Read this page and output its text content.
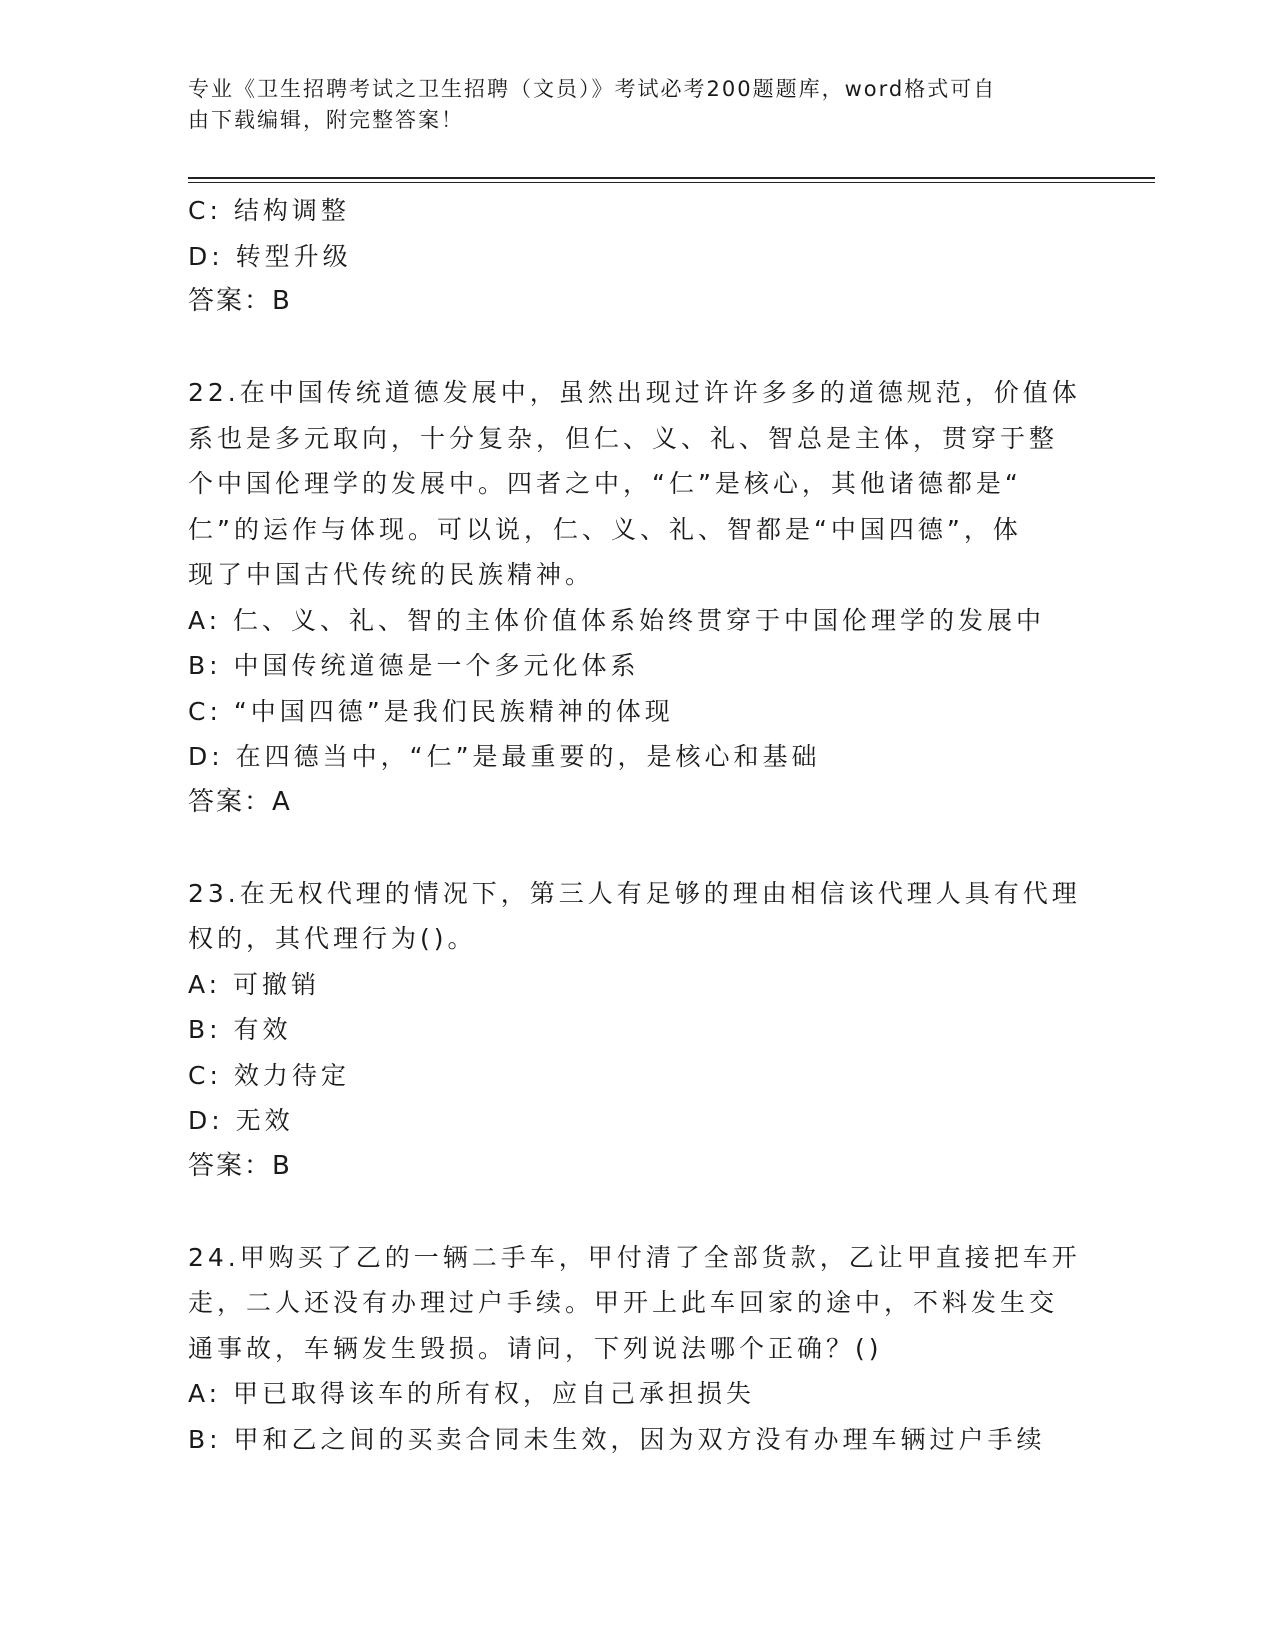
专业《卫生招聘考试之卫生招聘（文员）》考试必考200题题库，word格式可自
由下载编辑，附完整答案！
C: 结构调整
D: 转型升级
答案：B
22.在中国传统道德发展中，虽然出现过许许多多的道德规范，价值体
系也是多元取向，十分复杂，但仁、义、礼、智总是主体，贯穿于整
个中国伦理学的发展中。四者之中，“仁”是核心，其他诸德都是“
仁”的运作与体现。可以说，仁、义、礼、智都是“中国四德”，体
现了中国古代传统的民族精神。
A: 仁、义、礼、智的主体价值体系始终贯穿于中国伦理学的发展中
B: 中国传统道德是一个多元化体系
C: “中国四德”是我们民族精神的体现
D: 在四德当中，“仁”是最重要的，是核心和基础
答案：A
23.在无权代理的情况下，第三人有足够的理由相信该代理人具有代理
权的，其代理行为()。
A: 可撤销
B: 有效
C: 效力待定
D: 无效
答案：B
24.甲购买了乙的一辆二手车，甲付清了全部货款，乙让甲直接把车开
走，二人还没有办理过户手续。甲开上此车回家的途中，不料发生交
通事故，车辆发生毁损。请问，下列说法哪个正确？()
A: 甲已取得该车的所有权，应自己承担损失
B: 甲和乙之间的买卖合同未生效，因为双方没有办理车辆过户手续
